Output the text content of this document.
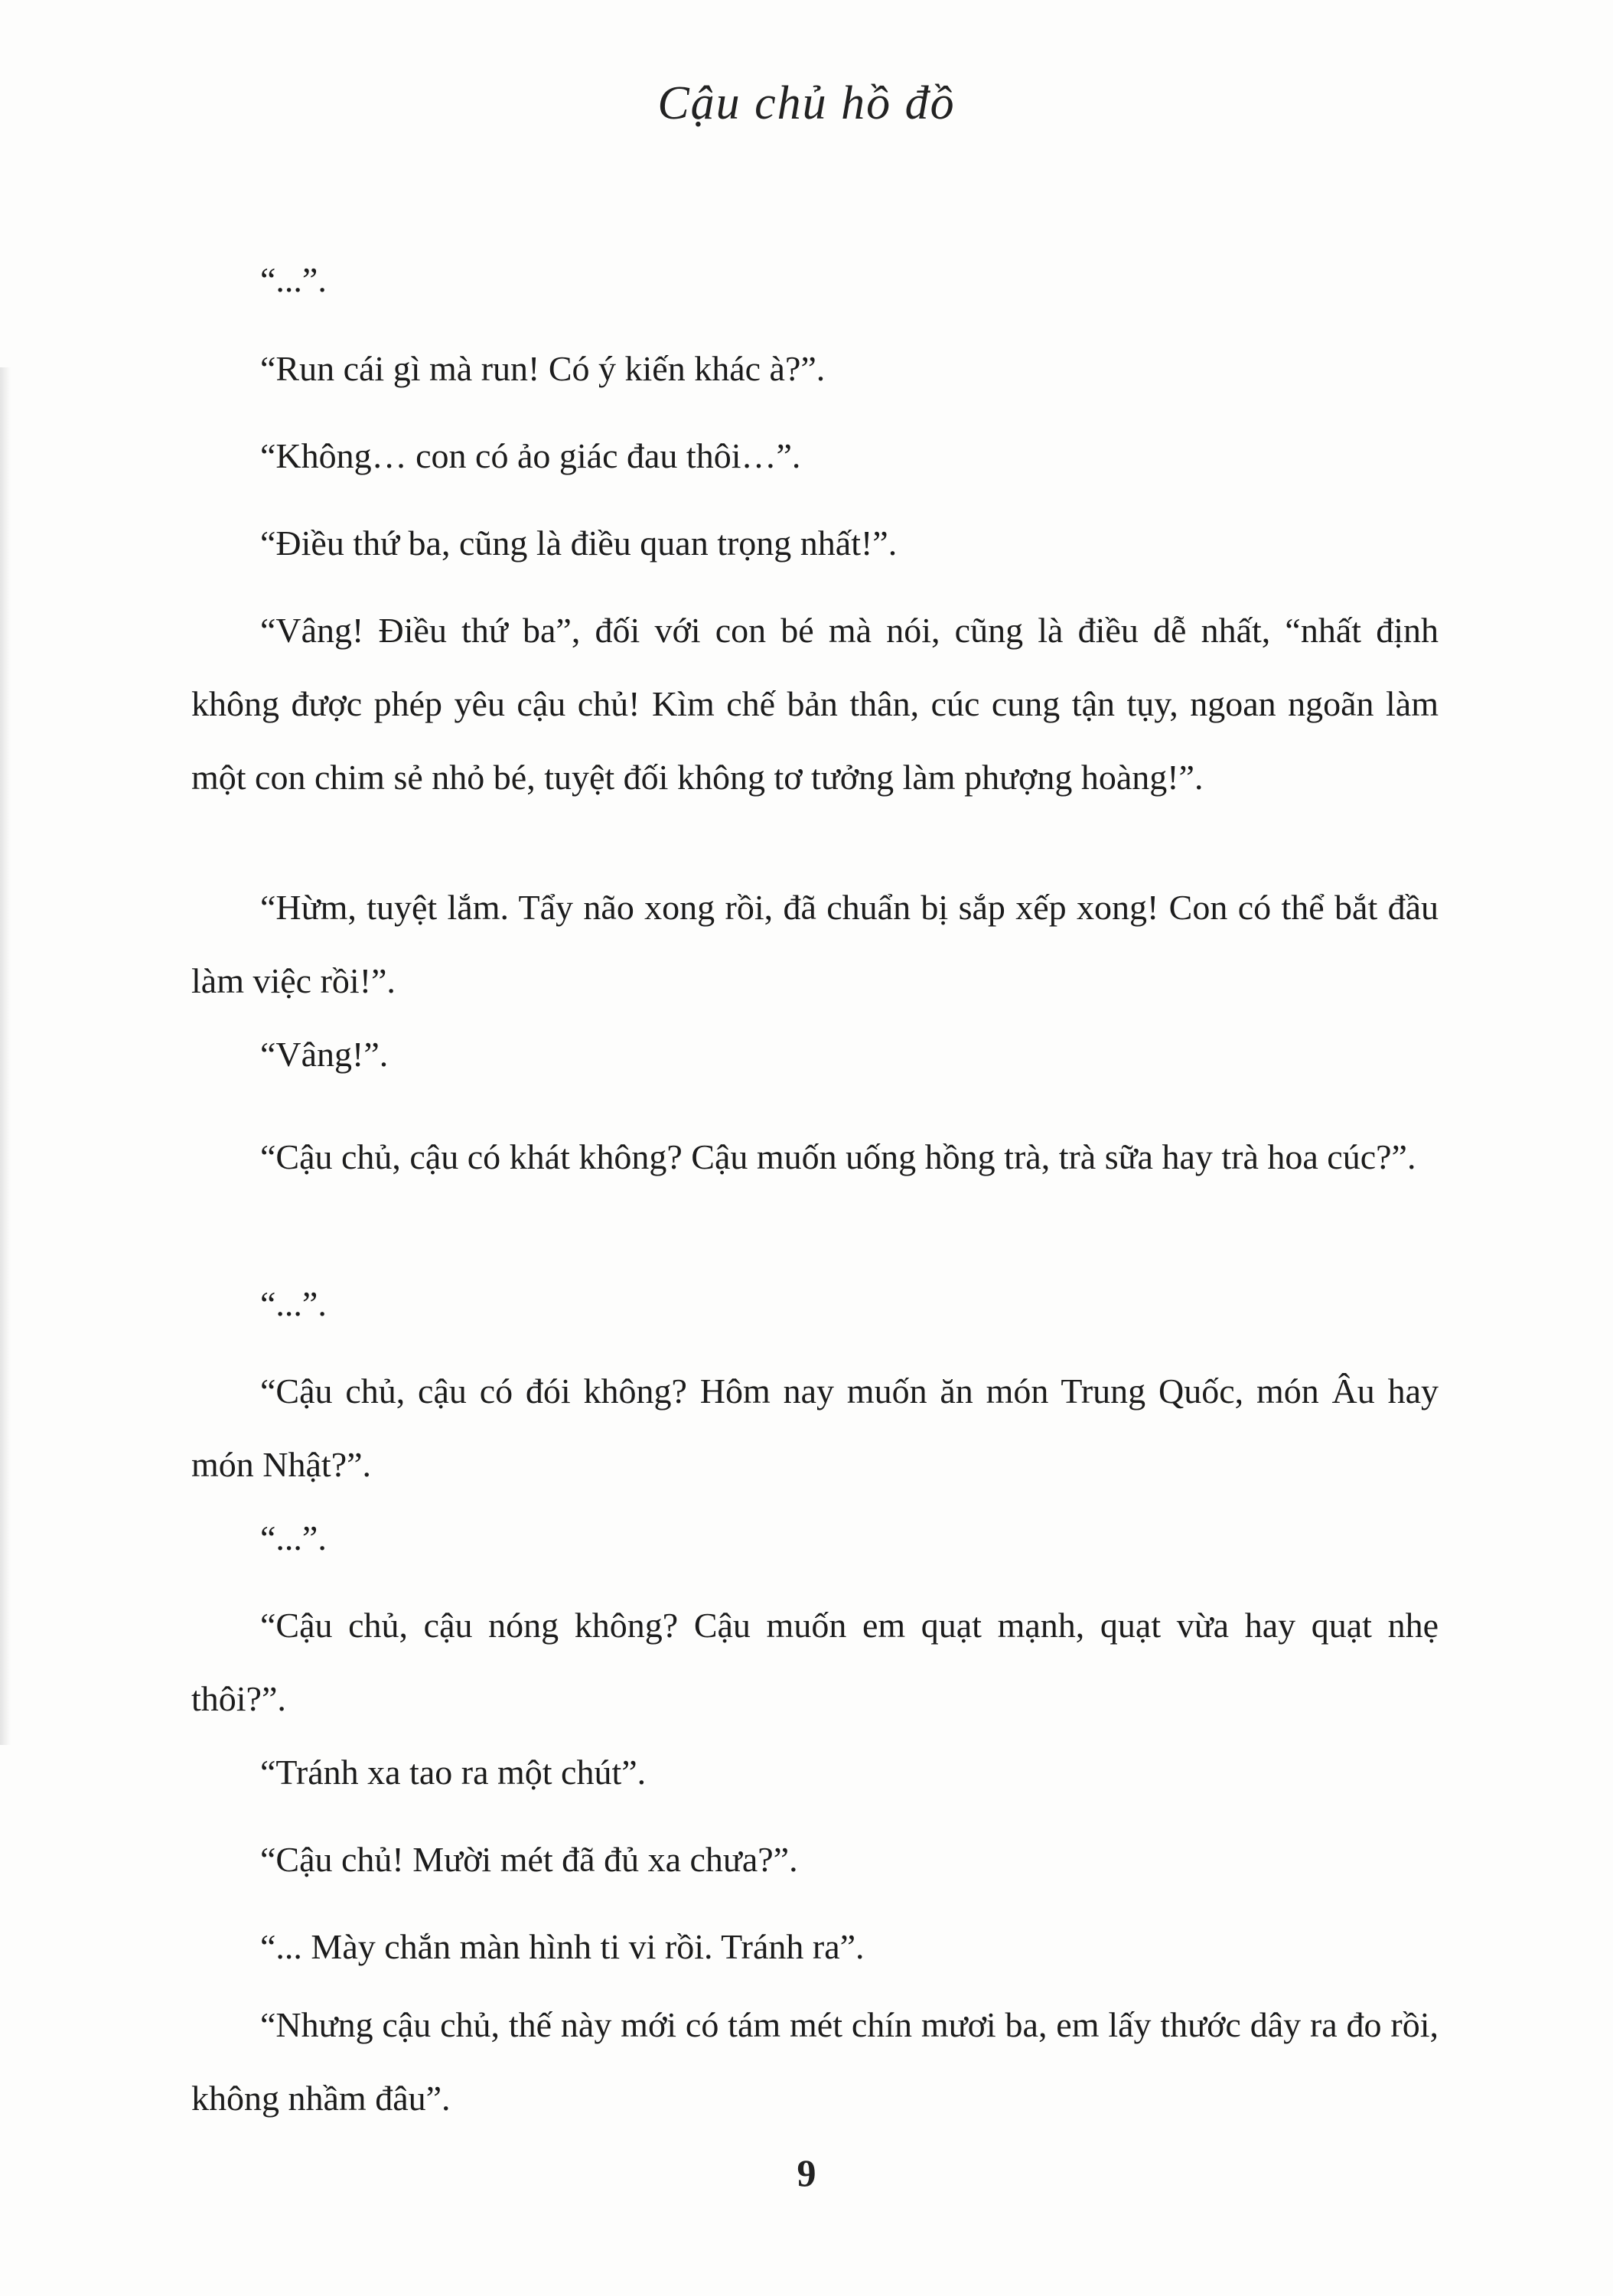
Cậu chủ hồ đồ

“...”.

“Run cái gì mà run! Có ý kiến khác à?”.

“Không… con có ảo giác đau thôi…”.

“Điều thứ ba, cũng là điều quan trọng nhất!”.

“Vâng! Điều thứ ba”, đối với con bé mà nói, cũng là điều dễ nhất, “nhất định không được phép yêu cậu chủ! Kìm chế bản thân, cúc cung tận tụy, ngoan ngoãn làm một con chim sẻ nhỏ bé, tuyệt đối không tơ tưởng làm phượng hoàng!”.

“Hừm, tuyệt lắm. Tẩy não xong rồi, đã chuẩn bị sắp xếp xong! Con có thể bắt đầu làm việc rồi!”.

“Vâng!”.

“Cậu chủ, cậu có khát không? Cậu muốn uống hồng trà, trà sữa hay trà hoa cúc?”.

“...”.

“Cậu chủ, cậu có đói không? Hôm nay muốn ăn món Trung Quốc, món Âu hay món Nhật?”.

“...”.

“Cậu chủ, cậu nóng không? Cậu muốn em quạt mạnh, quạt vừa hay quạt nhẹ thôi?”.

“Tránh xa tao ra một chút”.

“Cậu chủ! Mười mét đã đủ xa chưa?”.

“... Mày chắn màn hình ti vi rồi. Tránh ra”.

“Nhưng cậu chủ, thế này mới có tám mét chín mươi ba, em lấy thước dây ra đo rồi, không nhầm đâu”.

9
